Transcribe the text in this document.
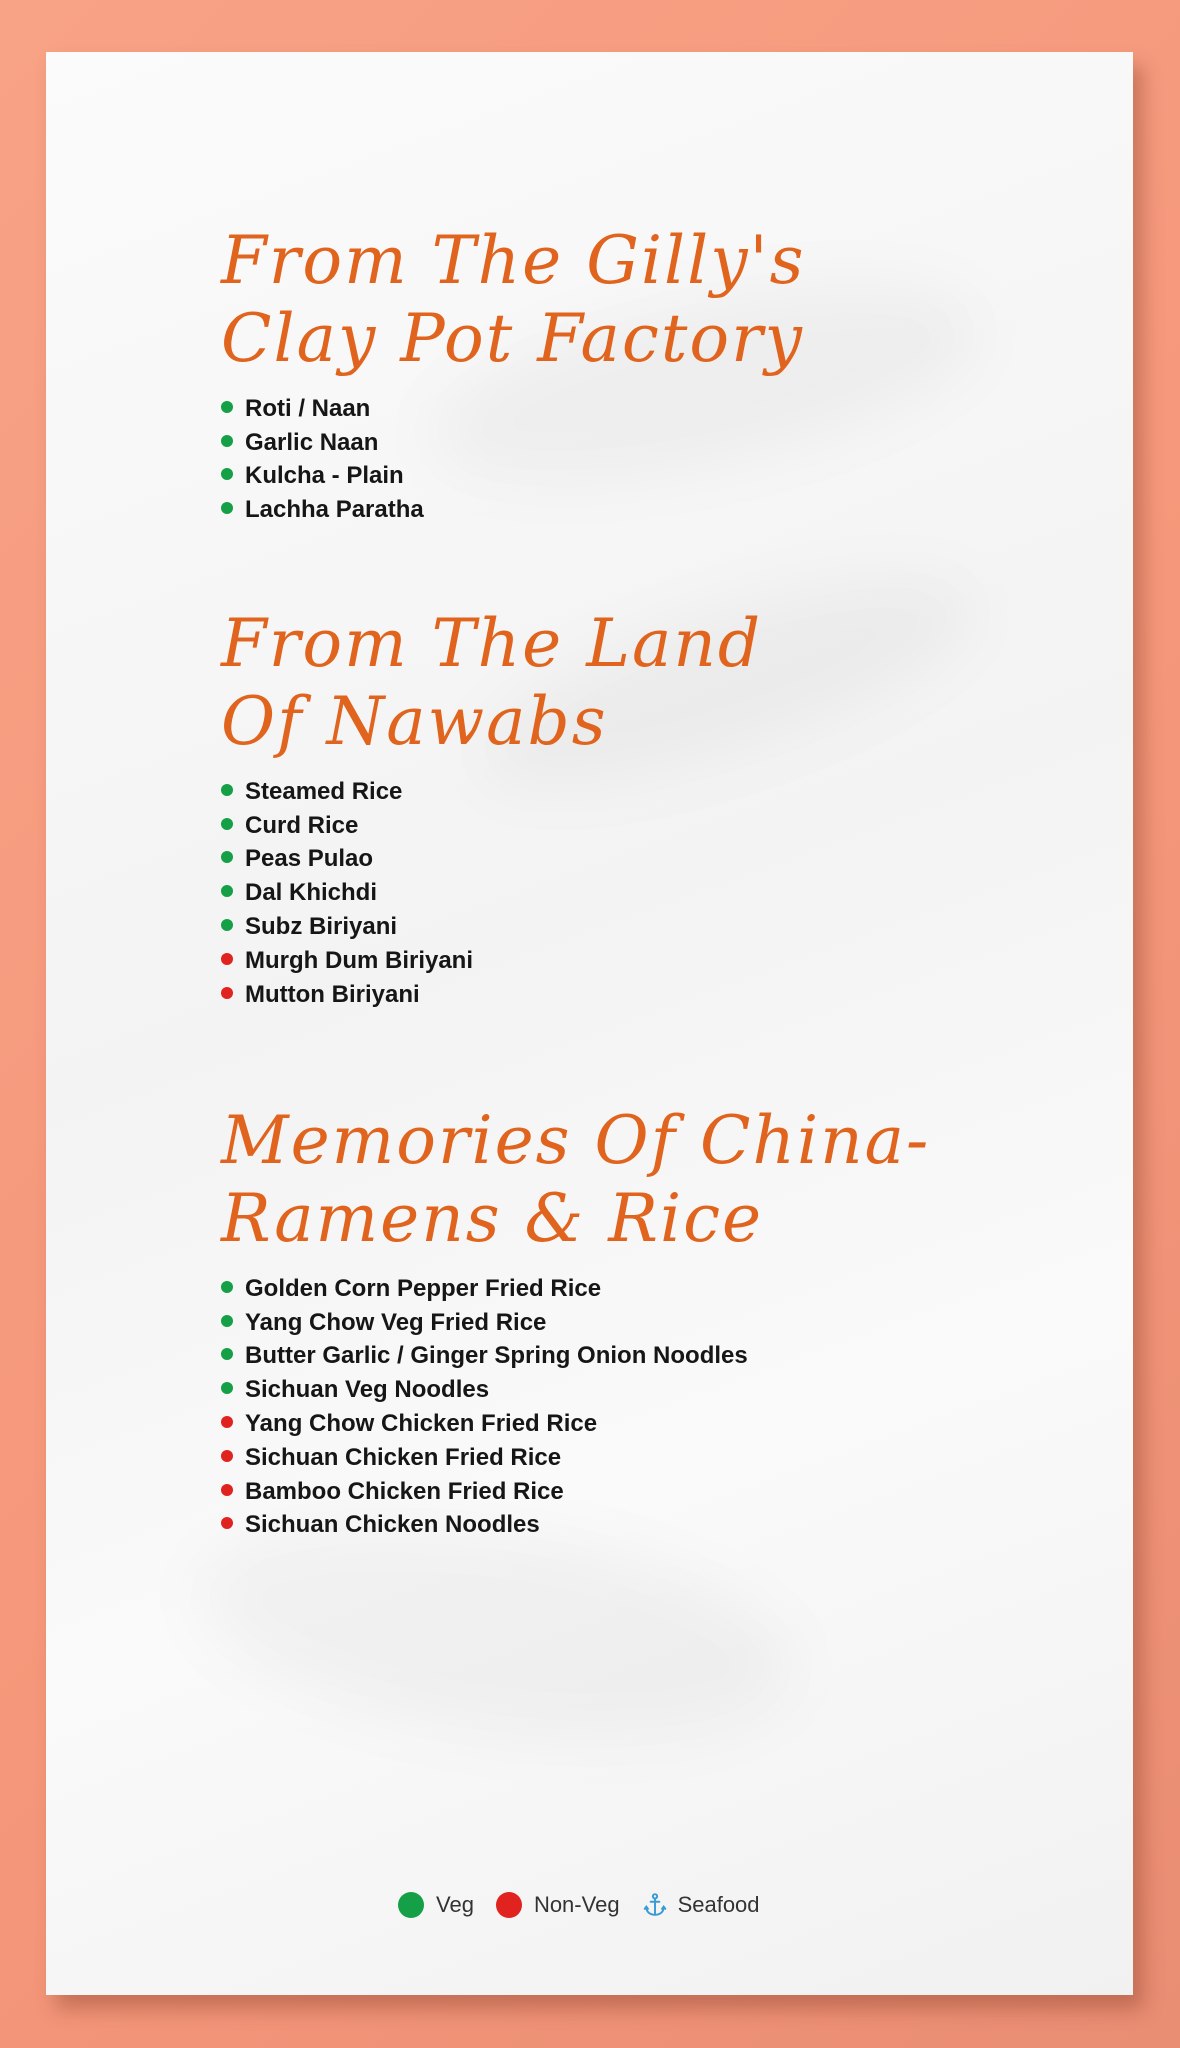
From The Gilly's
Clay Pot Factory
Roti / Naan
Garlic Naan
Kulcha - Plain
Lachha Paratha
From The Land
Of Nawabs
Steamed Rice
Curd Rice
Peas Pulao
Dal Khichdi
Subz Biriyani
Murgh Dum Biriyani
Mutton Biriyani
Memories Of China-
Ramens & Rice
Golden Corn Pepper Fried Rice
Yang Chow Veg Fried Rice
Butter Garlic / Ginger Spring Onion Noodles
Sichuan Veg Noodles
Yang Chow Chicken Fried Rice
Sichuan Chicken Fried Rice
Bamboo Chicken Fried Rice
Sichuan Chicken Noodles
Veg	Non-Veg	Seafood
